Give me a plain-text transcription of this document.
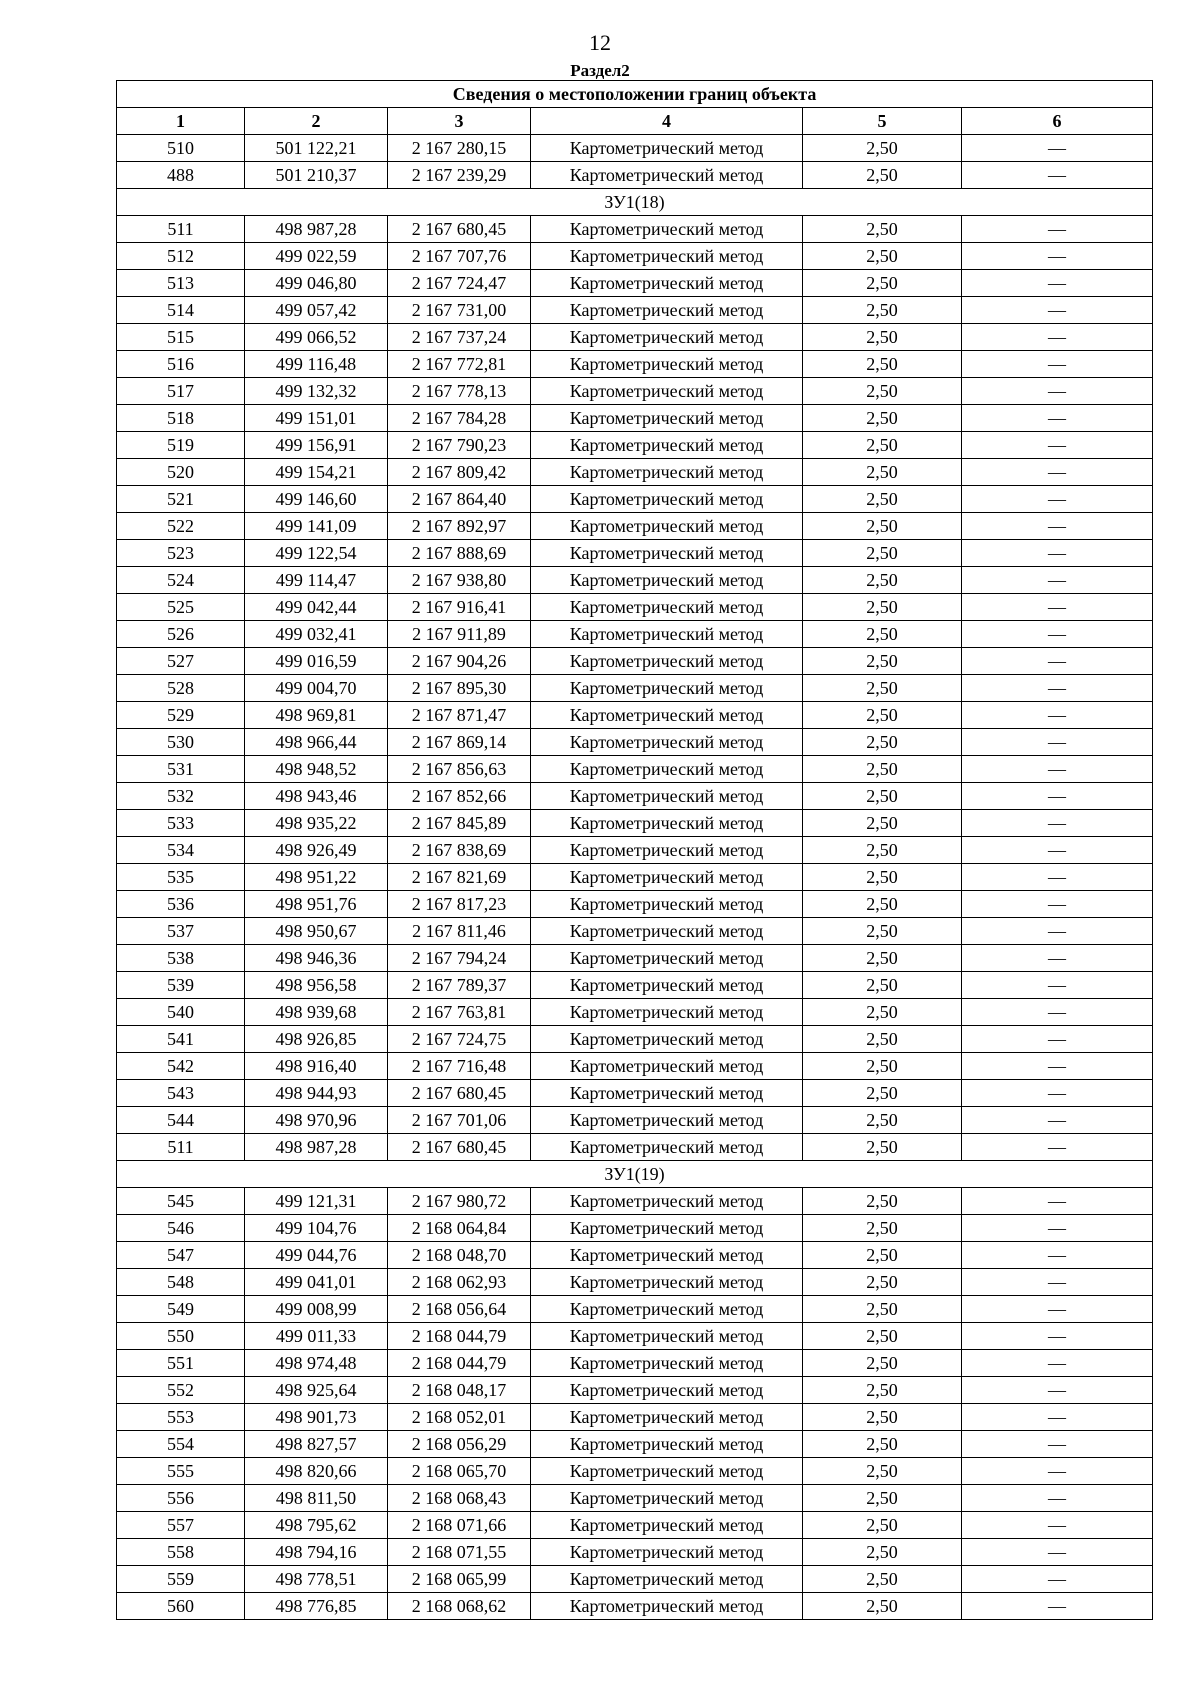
12
Раздел2
Сведения о местоположении границ объекта					
1	2	3	4	5	6
510	501 122,21	2 167 280,15	Картометрический метод	2,50	—
488	501 210,37	2 167 239,29	Картометрический метод	2,50	—
ЗУ1(18)					
511	498 987,28	2 167 680,45	Картометрический метод	2,50	—
512	499 022,59	2 167 707,76	Картометрический метод	2,50	—
513	499 046,80	2 167 724,47	Картометрический метод	2,50	—
514	499 057,42	2 167 731,00	Картометрический метод	2,50	—
515	499 066,52	2 167 737,24	Картометрический метод	2,50	—
516	499 116,48	2 167 772,81	Картометрический метод	2,50	—
517	499 132,32	2 167 778,13	Картометрический метод	2,50	—
518	499 151,01	2 167 784,28	Картометрический метод	2,50	—
519	499 156,91	2 167 790,23	Картометрический метод	2,50	—
520	499 154,21	2 167 809,42	Картометрический метод	2,50	—
521	499 146,60	2 167 864,40	Картометрический метод	2,50	—
522	499 141,09	2 167 892,97	Картометрический метод	2,50	—
523	499 122,54	2 167 888,69	Картометрический метод	2,50	—
524	499 114,47	2 167 938,80	Картометрический метод	2,50	—
525	499 042,44	2 167 916,41	Картометрический метод	2,50	—
526	499 032,41	2 167 911,89	Картометрический метод	2,50	—
527	499 016,59	2 167 904,26	Картометрический метод	2,50	—
528	499 004,70	2 167 895,30	Картометрический метод	2,50	—
529	498 969,81	2 167 871,47	Картометрический метод	2,50	—
530	498 966,44	2 167 869,14	Картометрический метод	2,50	—
531	498 948,52	2 167 856,63	Картометрический метод	2,50	—
532	498 943,46	2 167 852,66	Картометрический метод	2,50	—
533	498 935,22	2 167 845,89	Картометрический метод	2,50	—
534	498 926,49	2 167 838,69	Картометрический метод	2,50	—
535	498 951,22	2 167 821,69	Картометрический метод	2,50	—
536	498 951,76	2 167 817,23	Картометрический метод	2,50	—
537	498 950,67	2 167 811,46	Картометрический метод	2,50	—
538	498 946,36	2 167 794,24	Картометрический метод	2,50	—
539	498 956,58	2 167 789,37	Картометрический метод	2,50	—
540	498 939,68	2 167 763,81	Картометрический метод	2,50	—
541	498 926,85	2 167 724,75	Картометрический метод	2,50	—
542	498 916,40	2 167 716,48	Картометрический метод	2,50	—
543	498 944,93	2 167 680,45	Картометрический метод	2,50	—
544	498 970,96	2 167 701,06	Картометрический метод	2,50	—
511	498 987,28	2 167 680,45	Картометрический метод	2,50	—
ЗУ1(19)					
545	499 121,31	2 167 980,72	Картометрический метод	2,50	—
546	499 104,76	2 168 064,84	Картометрический метод	2,50	—
547	499 044,76	2 168 048,70	Картометрический метод	2,50	—
548	499 041,01	2 168 062,93	Картометрический метод	2,50	—
549	499 008,99	2 168 056,64	Картометрический метод	2,50	—
550	499 011,33	2 168 044,79	Картометрический метод	2,50	—
551	498 974,48	2 168 044,79	Картометрический метод	2,50	—
552	498 925,64	2 168 048,17	Картометрический метод	2,50	—
553	498 901,73	2 168 052,01	Картометрический метод	2,50	—
554	498 827,57	2 168 056,29	Картометрический метод	2,50	—
555	498 820,66	2 168 065,70	Картометрический метод	2,50	—
556	498 811,50	2 168 068,43	Картометрический метод	2,50	—
557	498 795,62	2 168 071,66	Картометрический метод	2,50	—
558	498 794,16	2 168 071,55	Картометрический метод	2,50	—
559	498 778,51	2 168 065,99	Картометрический метод	2,50	—
560	498 776,85	2 168 068,62	Картометрический метод	2,50	—
